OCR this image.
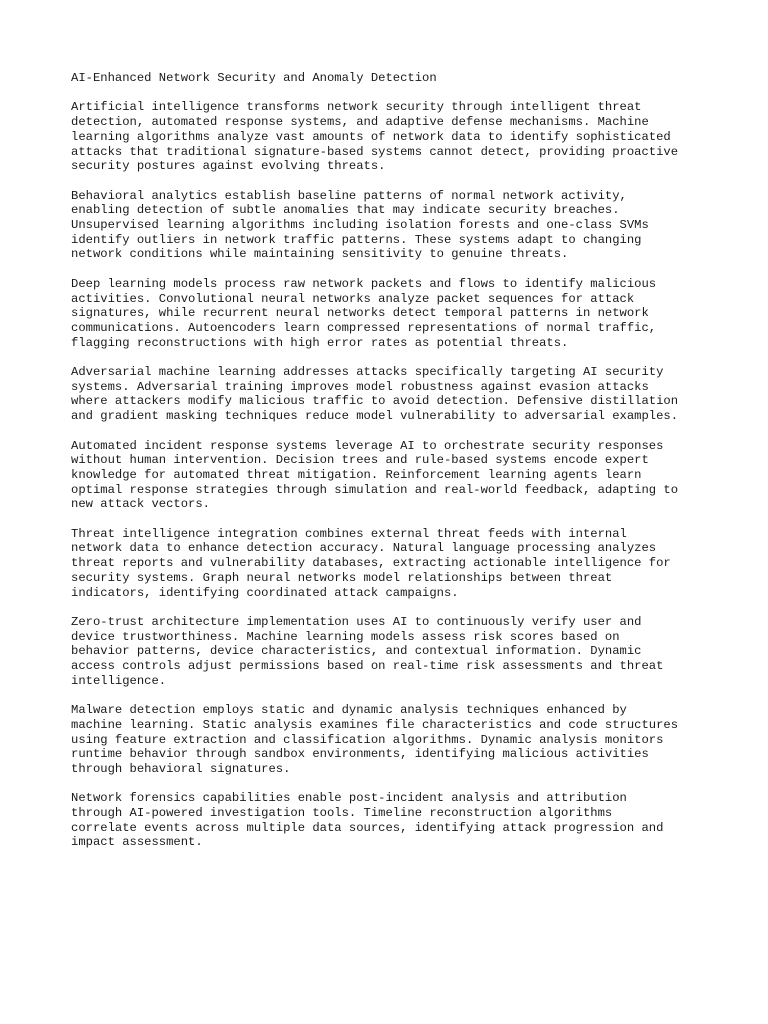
AI-Enhanced Network Security and Anomaly Detection

Artificial intelligence transforms network security through intelligent threat
detection, automated response systems, and adaptive defense mechanisms. Machine
learning algorithms analyze vast amounts of network data to identify sophisticated
attacks that traditional signature-based systems cannot detect, providing proactive
security postures against evolving threats.

Behavioral analytics establish baseline patterns of normal network activity,
enabling detection of subtle anomalies that may indicate security breaches.
Unsupervised learning algorithms including isolation forests and one-class SVMs
identify outliers in network traffic patterns. These systems adapt to changing
network conditions while maintaining sensitivity to genuine threats.

Deep learning models process raw network packets and flows to identify malicious
activities. Convolutional neural networks analyze packet sequences for attack
signatures, while recurrent neural networks detect temporal patterns in network
communications. Autoencoders learn compressed representations of normal traffic,
flagging reconstructions with high error rates as potential threats.

Adversarial machine learning addresses attacks specifically targeting AI security
systems. Adversarial training improves model robustness against evasion attacks
where attackers modify malicious traffic to avoid detection. Defensive distillation
and gradient masking techniques reduce model vulnerability to adversarial examples.

Automated incident response systems leverage AI to orchestrate security responses
without human intervention. Decision trees and rule-based systems encode expert
knowledge for automated threat mitigation. Reinforcement learning agents learn
optimal response strategies through simulation and real-world feedback, adapting to
new attack vectors.

Threat intelligence integration combines external threat feeds with internal
network data to enhance detection accuracy. Natural language processing analyzes
threat reports and vulnerability databases, extracting actionable intelligence for
security systems. Graph neural networks model relationships between threat
indicators, identifying coordinated attack campaigns.

Zero-trust architecture implementation uses AI to continuously verify user and
device trustworthiness. Machine learning models assess risk scores based on
behavior patterns, device characteristics, and contextual information. Dynamic
access controls adjust permissions based on real-time risk assessments and threat
intelligence.

Malware detection employs static and dynamic analysis techniques enhanced by
machine learning. Static analysis examines file characteristics and code structures
using feature extraction and classification algorithms. Dynamic analysis monitors
runtime behavior through sandbox environments, identifying malicious activities
through behavioral signatures.

Network forensics capabilities enable post-incident analysis and attribution
through AI-powered investigation tools. Timeline reconstruction algorithms
correlate events across multiple data sources, identifying attack progression and
impact assessment.
